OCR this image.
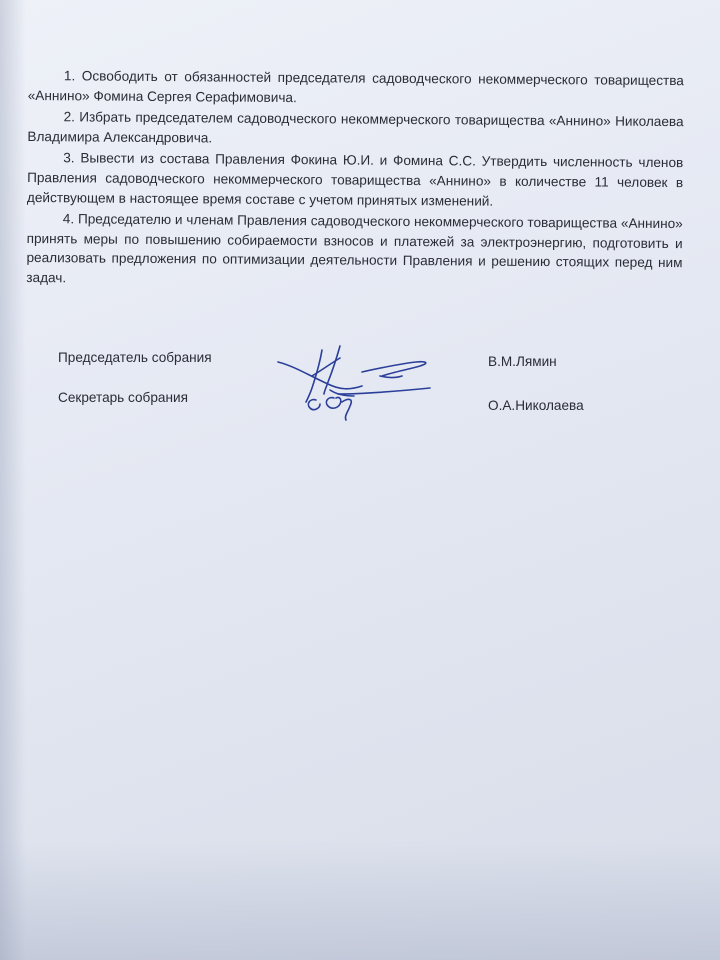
1. Освободить от обязанностей председателя садоводческого некоммерческого товарищества «Аннино» Фомина Сергея Серафимовича.

2. Избрать председателем садоводческого некоммерческого товарищества «Аннино» Николаева Владимира Александровича.

3. Вывести из состава Правления Фокина Ю.И. и Фомина С.С. Утвердить численность членов Правления садоводческого некоммерческого товарищества «Аннино» в количестве 11 человек в действующем в настоящее время составе с учетом принятых изменений.

4. Председателю и членам Правления садоводческого некоммерческого товарищества «Аннино» принять меры по повышению собираемости взносов и платежей за электроэнергию, подготовить и реализовать предложения по оптимизации деятельности Правления и решению стоящих перед ним задач.

Председатель собрания	В.М.Лямин
Секретарь собрания
О.А.Николаева
